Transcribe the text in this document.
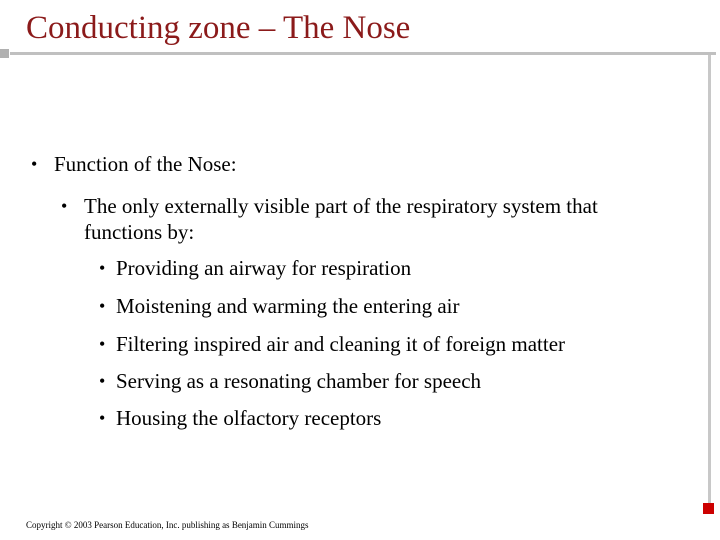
Conducting zone – The Nose
• Function of the Nose:
• The only externally visible part of the respiratory system that
functions by:
• Providing an airway for respiration
• Moistening and warming the entering air
• Filtering inspired air and cleaning it of foreign matter
• Serving as a resonating chamber for speech
• Housing the olfactory receptors
Copyright © 2003 Pearson Education, Inc. publishing as Benjamin Cummings
